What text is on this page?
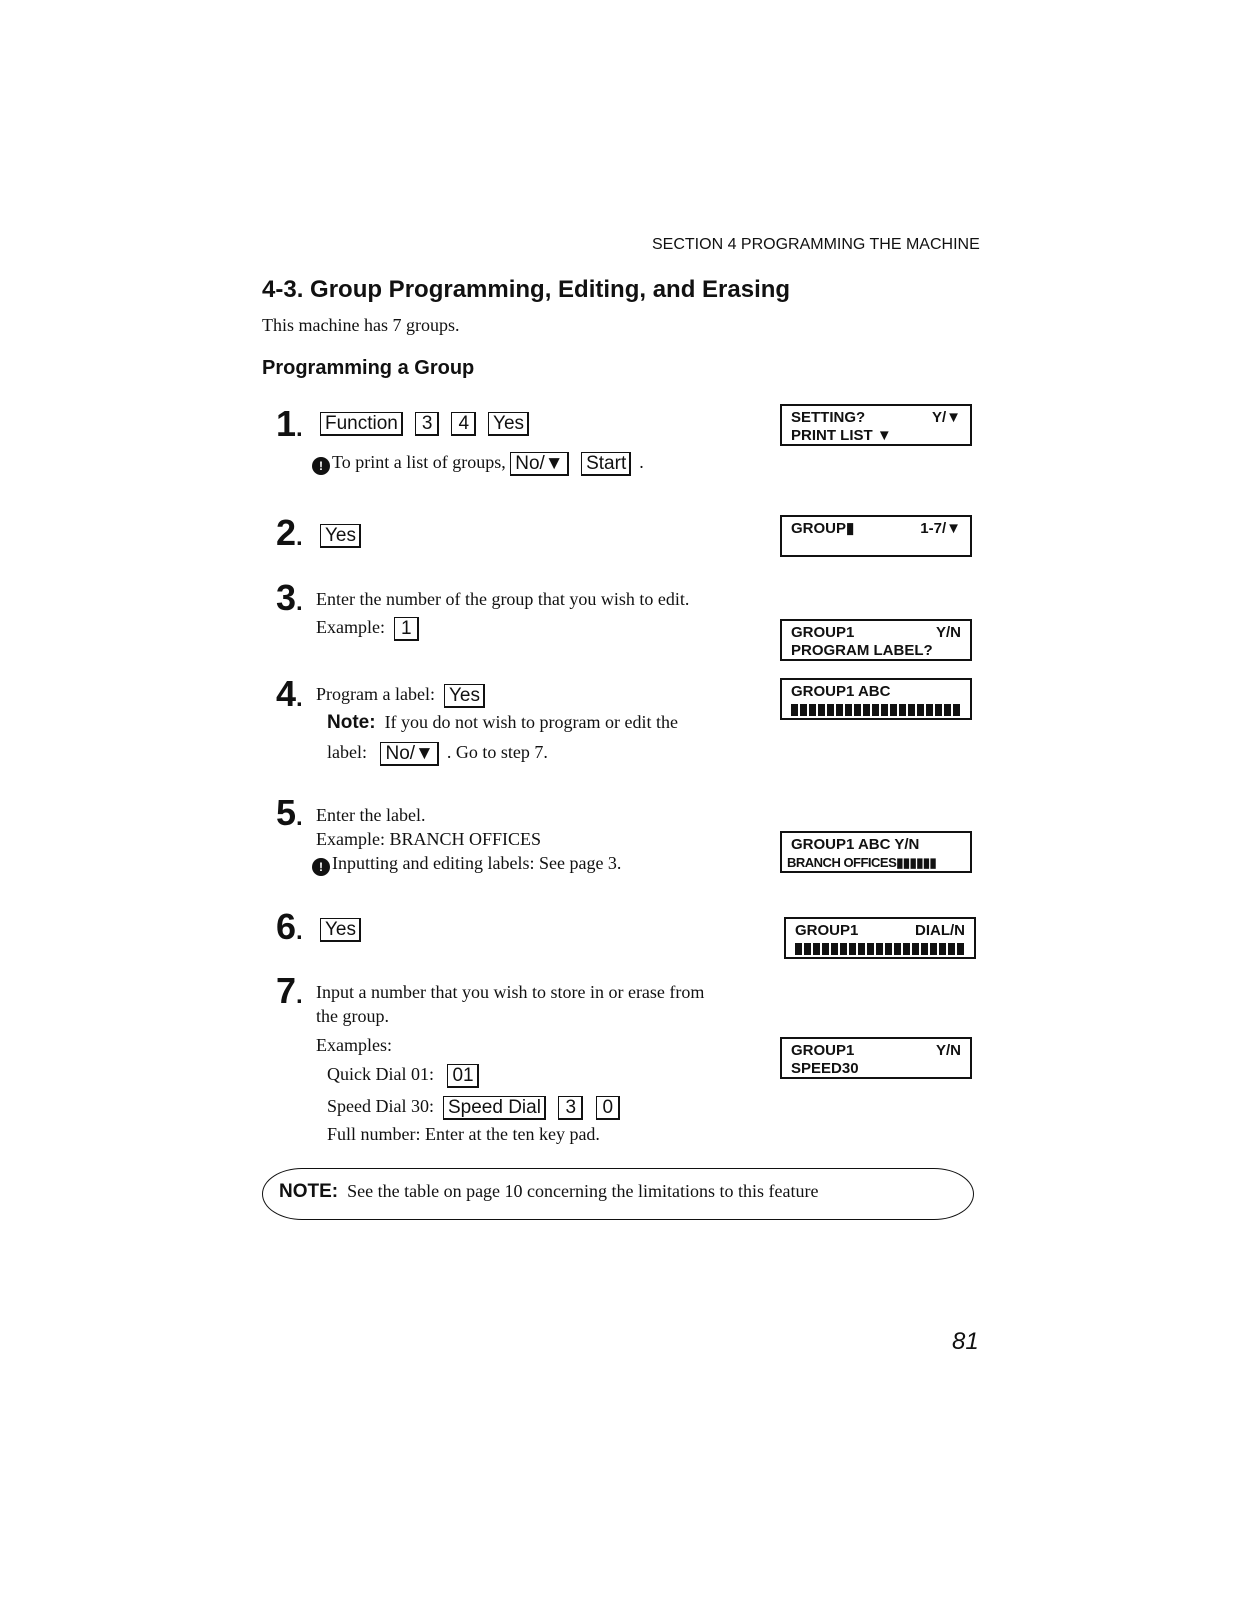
SECTION 4 PROGRAMMING THE MACHINE
4-3. Group Programming, Editing, and Erasing
This machine has 7 groups.
Programming a Group
1. Function 3 4 Yes
! To print a list of groups, No/▼ Start .
SETTING?	Y/▼
PRINT LIST ▼
2. Yes	GROUP▮	1-7/▼
3. Enter the number of the group that you wish to edit.
Example: 1	GROUP1	Y/N
PROGRAM LABEL?
4. Program a label: Yes
Note: If you do not wish to program or edit the
label: No/▼ . Go to step 7.
GROUP1 ABC
5. Enter the label.
Example: BRANCH OFFICES
! Inputting and editing labels: See page 3.
GROUP1 ABC Y/N
BRANCH OFFICES▮▮▮▮▮▮
6. Yes	GROUP1	DIAL/N
7. Input a number that you wish to store in or erase from
the group.
Examples:
Quick Dial 01: 01
Speed Dial 30: Speed Dial 3 0
Full number: Enter at the ten key pad.
GROUP1	Y/N
SPEED30
NOTE: See the table on page 10 concerning the limitations to this feature
81
